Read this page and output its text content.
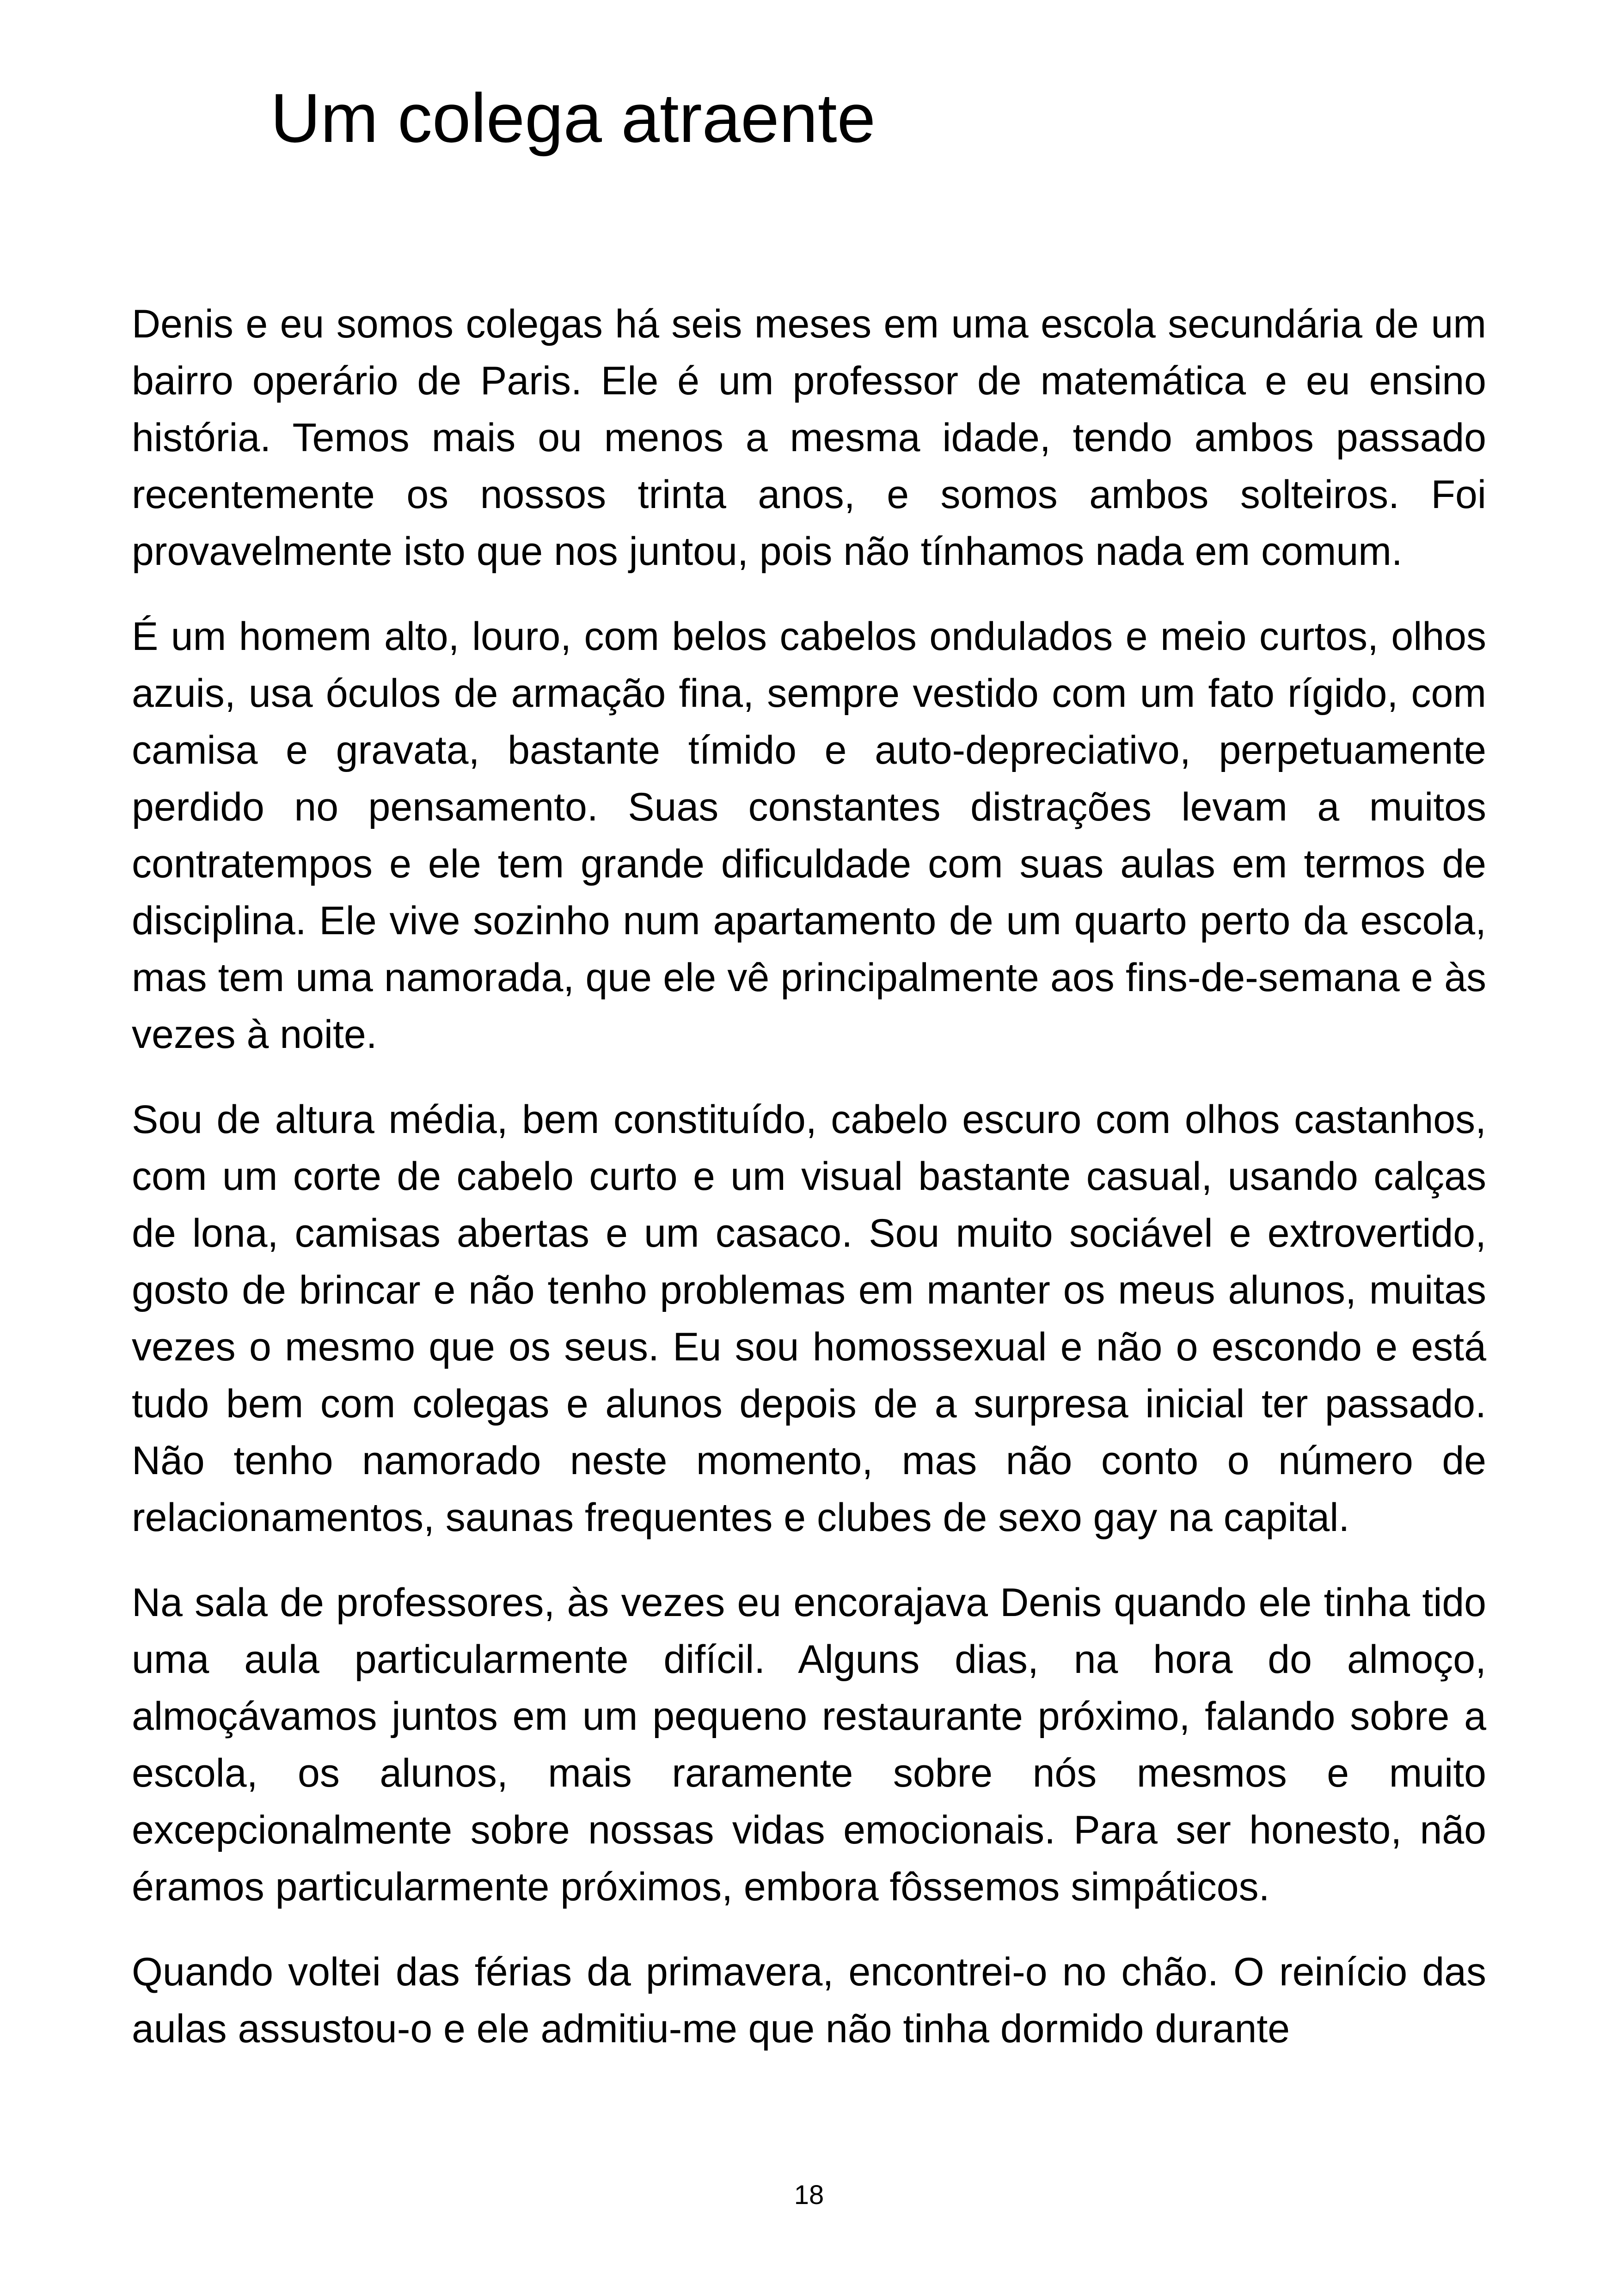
Um colega atraente

Denis e eu somos colegas há seis meses em uma escola secundária de um bairro operário de Paris. Ele é um professor de matemática e eu ensino história. Temos mais ou menos a mesma idade, tendo ambos passado recentemente os nossos trinta anos, e somos ambos solteiros. Foi provavelmente isto que nos juntou, pois não tínhamos nada em comum.

É um homem alto, louro, com belos cabelos ondulados e meio curtos, olhos azuis, usa óculos de armação fina, sempre vestido com um fato rígido, com camisa e gravata, bastante tímido e auto-depreciativo, perpetuamente perdido no pensamento. Suas constantes distrações levam a muitos contratempos e ele tem grande dificuldade com suas aulas em termos de disciplina. Ele vive sozinho num apartamento de um quarto perto da escola, mas tem uma namorada, que ele vê principalmente aos fins-de-semana e às vezes à noite.

Sou de altura média, bem constituído, cabelo escuro com olhos castanhos, com um corte de cabelo curto e um visual bastante casual, usando calças de lona, camisas abertas e um casaco. Sou muito sociável e extrovertido, gosto de brincar e não tenho problemas em manter os meus alunos, muitas vezes o mesmo que os seus. Eu sou homossexual e não o escondo e está tudo bem com colegas e alunos depois de a surpresa inicial ter passado. Não tenho namorado neste momento, mas não conto o número de relacionamentos, saunas frequentes e clubes de sexo gay na capital.

Na sala de professores, às vezes eu encorajava Denis quando ele tinha tido uma aula particularmente difícil. Alguns dias, na hora do almoço, almoçávamos juntos em um pequeno restaurante próximo, falando sobre a escola, os alunos, mais raramente sobre nós mesmos e muito excepcionalmente sobre nossas vidas emocionais. Para ser honesto, não éramos particularmente próximos, embora fôssemos simpáticos.

Quando voltei das férias da primavera, encontrei-o no chão. O reinício das aulas assustou-o e ele admitiu-me que não tinha dormido durante

18
